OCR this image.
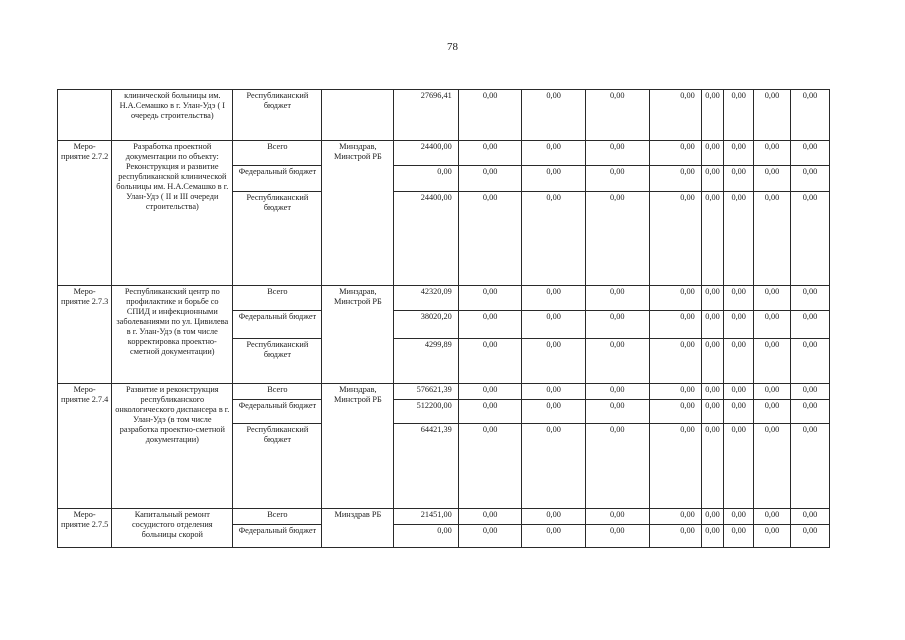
78
	клинической больницы им. Н.А.Семашко в г. Улан-Удэ ( I очередь строительства)	Республиканский бюджет		27696,41	0,00	0,00	0,00	0,00	0,00	0,00	0,00	0,00
Меро-приятие 2.7.2	Разработка проектной документации по объекту: Реконструкция и развитие республиканской клинической больницы им. Н.А.Семашко в г. Улан-Удэ ( II и III очереди строительства)	Всего	Минздрав, Минстрой РБ	24400,00	0,00	0,00	0,00	0,00	0,00	0,00	0,00	0,00
		Федеральный бюджет		0,00	0,00	0,00	0,00	0,00	0,00	0,00	0,00	0,00
		Республиканский бюджет		24400,00	0,00	0,00	0,00	0,00	0,00	0,00	0,00	0,00
Меро-приятие 2.7.3	Республиканский центр по профилактике и борьбе со СПИД и инфекционными заболеваниями по ул. Цивилева в г. Улан-Удэ (в том числе корректировка проектно-сметной документации)	Всего	Минздрав, Минстрой РБ	42320,09	0,00	0,00	0,00	0,00	0,00	0,00	0,00	0,00
		Федеральный бюджет		38020,20	0,00	0,00	0,00	0,00	0,00	0,00	0,00	0,00
		Республиканский бюджет		4299,89	0,00	0,00	0,00	0,00	0,00	0,00	0,00	0,00
Меро-приятие 2.7.4	Развитие и реконструкция республиканского онкологического диспансера в г. Улан-Удэ (в том числе разработка проектно-сметной документации)	Всего	Минздрав, Минстрой РБ	576621,39	0,00	0,00	0,00	0,00	0,00	0,00	0,00	0,00
		Федеральный бюджет		512200,00	0,00	0,00	0,00	0,00	0,00	0,00	0,00	0,00
		Республиканский бюджет		64421,39	0,00	0,00	0,00	0,00	0,00	0,00	0,00	0,00
Меро-приятие 2.7.5	Капитальный ремонт сосудистого отделения больницы скорой	Всего	Минздрав РБ	21451,00	0,00	0,00	0,00	0,00	0,00	0,00	0,00	0,00
		Федеральный бюджет		0,00	0,00	0,00	0,00	0,00	0,00	0,00	0,00	0,00
